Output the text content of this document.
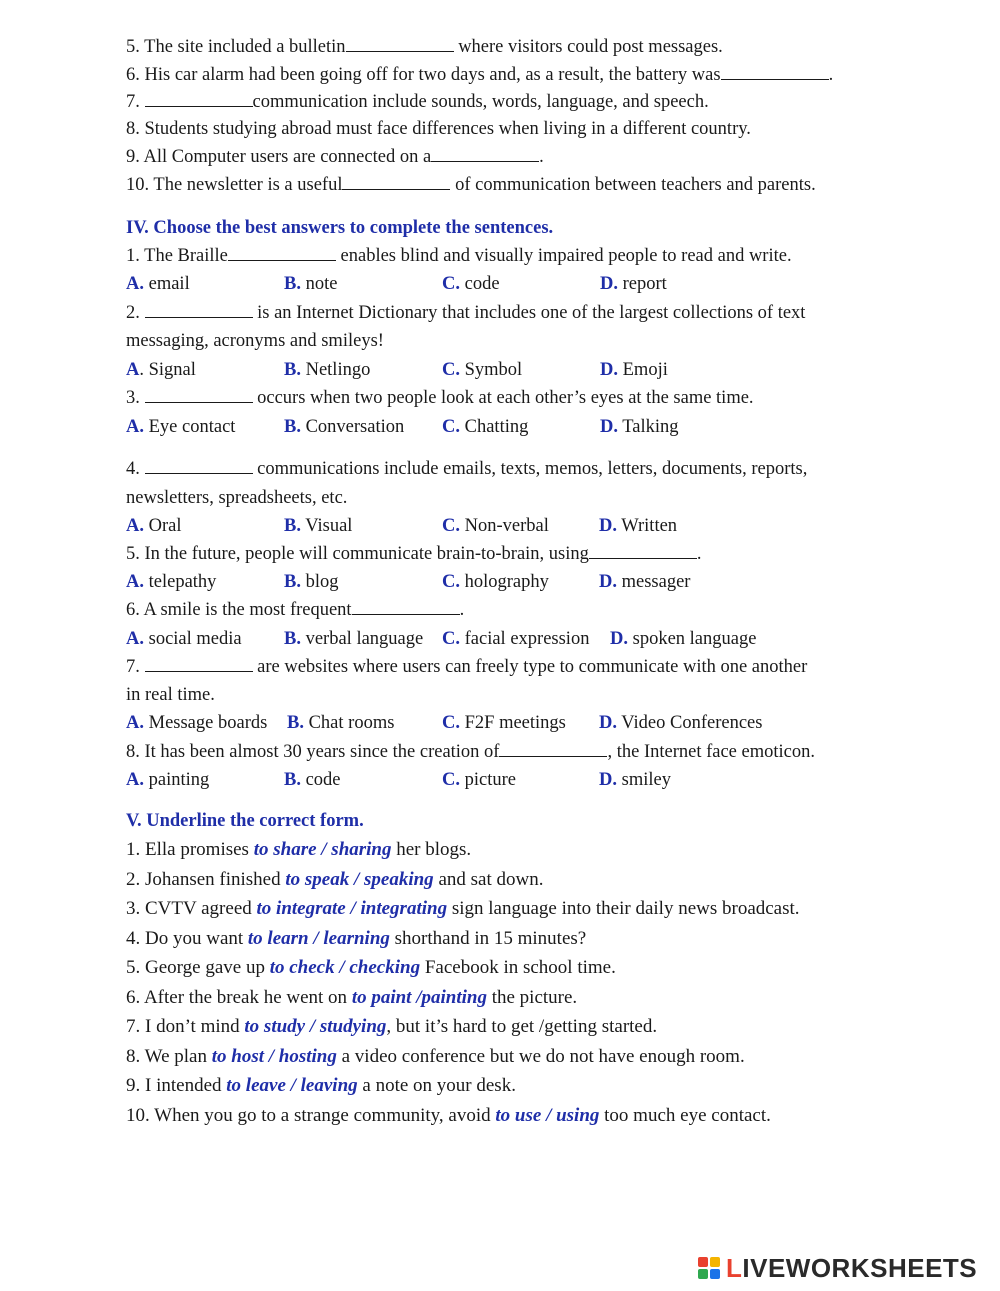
5. The site included a bulletin	where visitors could post messages.
6. His car alarm had been going off for two days and, as a result, the battery was	.
7.	communication include sounds, words, language, and speech.
8. Students studying abroad must face differences when living in a different country.
9. All Computer users are connected on a	.
10. The newsletter is a useful	of communication between teachers and parents.
IV. Choose the best answers to complete the sentences.
1. The Braille	enables blind and visually impaired people to read and write.
A. email	B. note	C. code	D. report
2.	is an Internet Dictionary that includes one of the largest collections of text
messaging, acronyms and smileys!
A. Signal	B. Netlingo	C. Symbol	D. Emoji
3.	occurs when two people look at each other’s eyes at the same time.
A. Eye contact	B. Conversation C. Chatting	D. Talking
4.	communications include emails, texts, memos, letters, documents, reports,
newsletters, spreadsheets, etc.
A. Oral	B. Visual	C. Non-verbal	D. Written
5. In the future, people will communicate brain-to-brain, using	.
A. telepathy	B. blog	C. holography	D. messager
6. A smile is the most frequent	.
A. social media B. verbal language C. facial expression D. spoken language
7.	are websites where users can freely type to communicate with one another
in real time.
A. Message boards B. Chat rooms	C. F2F meetings D. Video Conferences
8. It has been almost 30 years since the creation of	, the Internet face emoticon.
A. painting	B. code	C. picture	D. smiley
V. Underline the correct form.
1. Ella promises to share / sharing her blogs.
2. Johansen finished to speak / speaking and sat down.
3. CVTV agreed to integrate / integrating sign language into their daily news broadcast.
4. Do you want to learn / learning shorthand in 15 minutes?
5. George gave up to check / checking Facebook in school time.
6. After the break he went on to paint /painting the picture.
7. I don’t mind to study / studying, but it’s hard to get /getting started.
8. We plan to host / hosting a video conference but we do not have enough room.
9. I intended to leave / leaving a note on your desk.
10. When you go to a strange community, avoid to use / using too much eye contact.
LIVEWORKSHEETS
